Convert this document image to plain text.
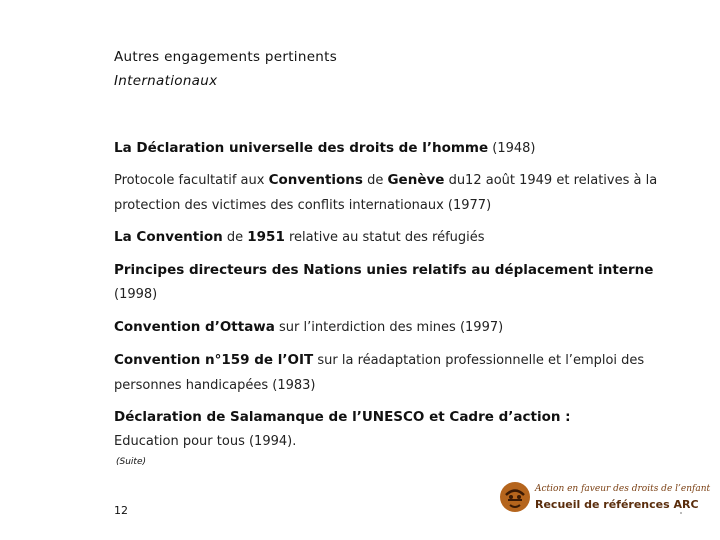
Autres engagements pertinents
Internationaux
La Déclaration universelle des droits de l’homme (1948)
Protocole facultatif aux Conventions de Genève du12 août 1949 et relatives à la protection des victimes des conflits internationaux (1977)
La Convention de 1951 relative au statut des réfugiés
Principes directeurs des Nations unies relatifs au déplacement interne
(1998)
Convention d’Ottawa sur l’interdiction des mines (1997)
Convention n°159 de l’OIT sur la réadaptation professionnelle et l’emploi des personnes handicapées (1983)
Déclaration de Salamanque de l’UNESCO et Cadre d’action :
Education pour tous (1994).
(Suite)
12
Action en faveur des droits de l’enfant
Recueil de références ARC
